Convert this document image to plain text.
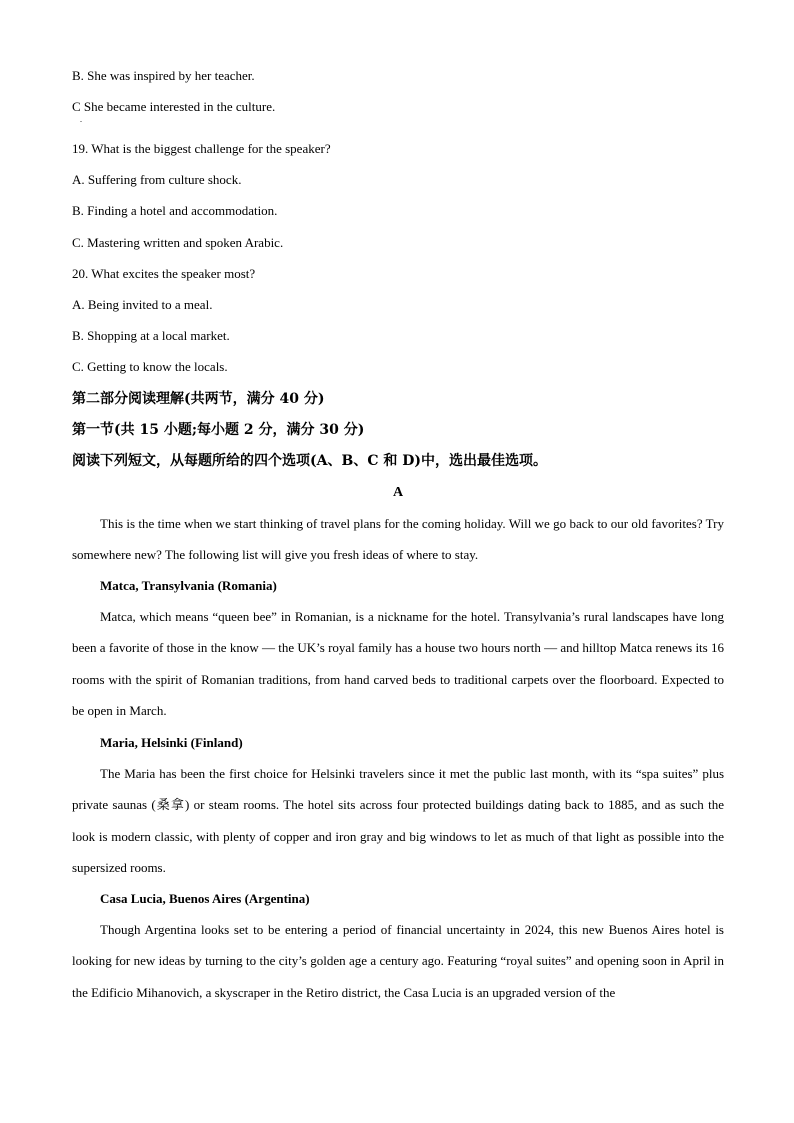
B. She was inspired by her teacher.

C She became interested in the culture.

.

19. What is the biggest challenge for the speaker?

A. Suffering from culture shock.

B. Finding a hotel and accommodation.

C. Mastering written and spoken Arabic.

20. What excites the speaker most?

A. Being invited to a meal.

B. Shopping at a local market.

C. Getting to know the locals.

第二部分阅读理解(共两节，满分 40 分)
第一节(共 15 小题;每小题 2 分，满分 30 分)
阅读下列短文，从每题所给的四个选项(A、B、C 和 D)中，选出最佳选项。
A

This is the time when we start thinking of travel plans for the coming holiday. Will we go back to our old favorites? Try somewhere new? The following list will give you fresh ideas of where to stay.

Matca, Transylvania (Romania)

Matca, which means “queen bee” in Romanian, is a nickname for the hotel. Transylvania’s rural landscapes have long been a favorite of those in the know — the UK’s royal family has a house two hours north — and hilltop Matca renews its 16 rooms with the spirit of Romanian traditions, from hand carved beds to traditional carpets over the floorboard. Expected to be open in March.

Maria, Helsinki (Finland)

The Maria has been the first choice for Helsinki travelers since it met the public last month, with its “spa suites” plus private saunas (桑拿) or steam rooms. The hotel sits across four protected buildings dating back to 1885, and as such the look is modern classic, with plenty of copper and iron gray and big windows to let as much of that light as possible into the supersized rooms.

Casa Lucia, Buenos Aires (Argentina)

Though Argentina looks set to be entering a period of financial uncertainty in 2024, this new Buenos Aires hotel is looking for new ideas by turning to the city’s golden age a century ago. Featuring “royal suites” and opening soon in April in the Edificio Mihanovich, a skyscraper in the Retiro district, the Casa Lucia is an upgraded version of the
